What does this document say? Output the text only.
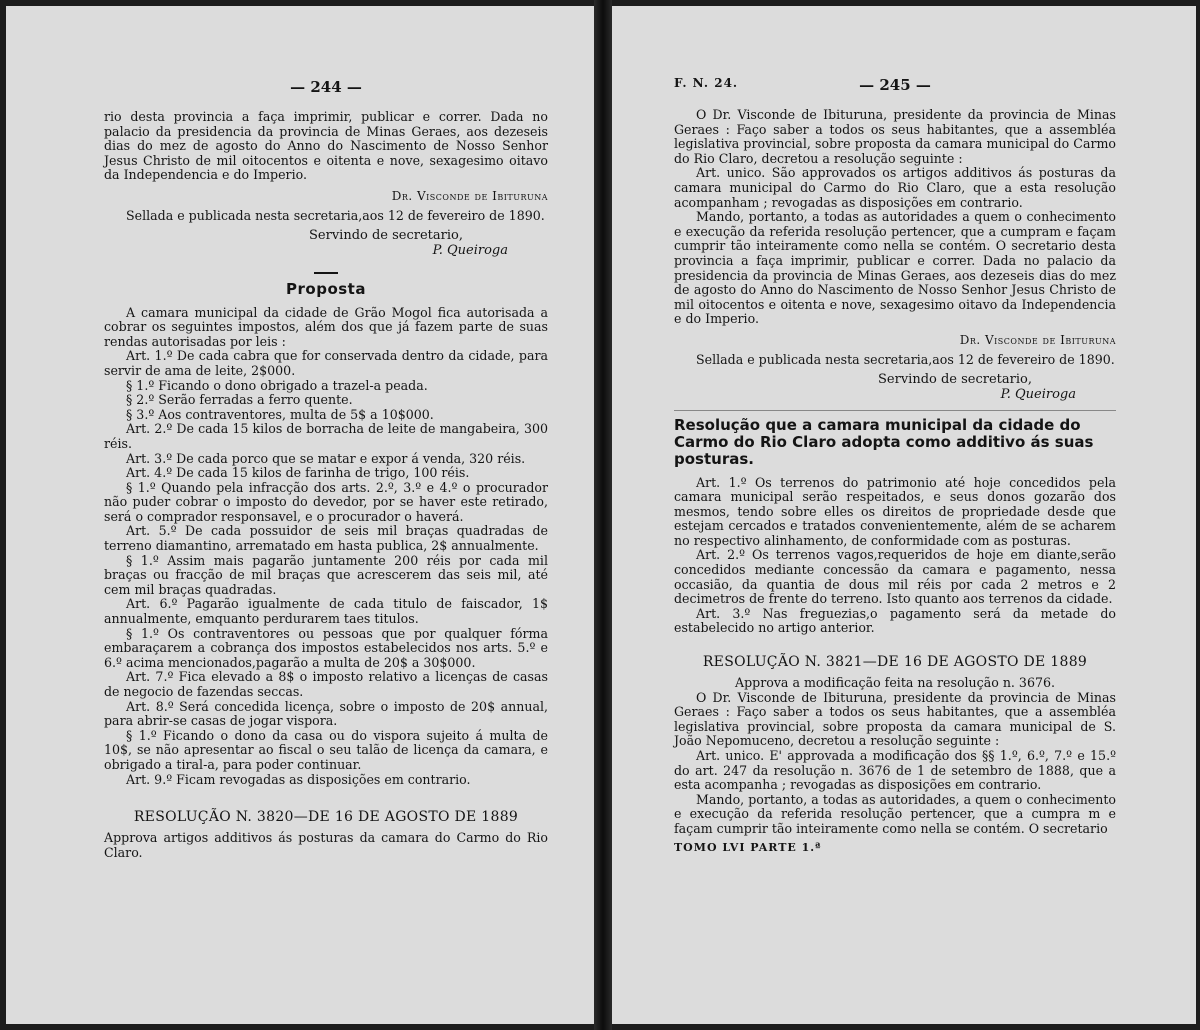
— 244 —

rio desta provincia a faça imprimir, publicar e correr. Dada no palacio da presidencia da provincia de Minas Geraes, aos dezeseis dias do mez de agosto do Anno do Nascimento de Nosso Senhor Jesus Christo de mil oitocentos e oitenta e nove, sexagesimo oitavo da Independencia e do Imperio.

Dr. Visconde de Ibituruna

Sellada e publicada nesta secretaria,aos 12 de fevereiro de 1890.

Servindo de secretario,
P. Queiroga
Proposta

A camara municipal da cidade de Grão Mogol fica autorisada a cobrar os seguintes impostos, além dos que já fazem parte de suas rendas autorisadas por leis :

Art. 1.º De cada cabra que for conservada dentro da cidade, para servir de ama de leite, 2$000.

§ 1.º Ficando o dono obrigado a trazel-a peada.

§ 2.º Serão ferradas a ferro quente.

§ 3.º Aos contraventores, multa de 5$ a 10$000.

Art. 2.º De cada 15 kilos de borracha de leite de mangabeira, 300 réis.

Art. 3.º De cada porco que se matar e expor á venda, 320 réis.

Art. 4.º De cada 15 kilos de farinha de trigo, 100 réis.

§ 1.º Quando pela infracção dos arts. 2.º, 3.º e 4.º o procurador não puder cobrar o imposto do devedor, por se haver este retirado, será o comprador responsavel, e o procurador o haverá.

Art. 5.º De cada possuidor de seis mil braças quadradas de terreno diamantino, arrematado em hasta publica, 2$ annualmente.

§ 1.º Assim mais pagarão juntamente 200 réis por cada mil braças ou fracção de mil braças que acrescerem das seis mil, até cem mil braças quadradas.

Art. 6.º Pagarão igualmente de cada titulo de faiscador, 1$ annualmente, emquanto perdurarem taes titulos.

§ 1.º Os contraventores ou pessoas que por qualquer fórma embaraçarem a cobrança dos impostos estabelecidos nos arts. 5.º e 6.º acima mencionados,pagarão a multa de 20$ a 30$000.

Art. 7.º Fica elevado a 8$ o imposto relativo a licenças de casas de negocio de fazendas seccas.

Art. 8.º Será concedida licença, sobre o imposto de 20$ annual, para abrir-se casas de jogar vispora.

§ 1.º Ficando o dono da casa ou do vispora sujeito á multa de 10$, se não apresentar ao fiscal o seu talão de licença da camara, e obrigado a tiral-a, para poder continuar.

Art. 9.º Ficam revogadas as disposições em contrario.

RESOLUÇÃO N. 3820—DE 16 DE AGOSTO DE 1889

Approva artigos additivos ás posturas da camara do Carmo do Rio Claro.

F. N. 24.	— 245 —

O Dr. Visconde de Ibituruna, presidente da provincia de Minas Geraes : Faço saber a todos os seus habitantes, que a assembléa legislativa provincial, sobre proposta da camara municipal do Carmo do Rio Claro, decretou a resolução seguinte :

Art. unico. São approvados os artigos additivos ás posturas da camara municipal do Carmo do Rio Claro, que a esta resolução acompanham ; revogadas as disposições em contrario.

Mando, portanto, a todas as autoridades a quem o conhecimento e execução da referida resolução pertencer, que a cumpram e façam cumprir tão inteiramente como nella se contém. O secretario desta provincia a faça imprimir, publicar e correr. Dada no palacio da presidencia da provincia de Minas Geraes, aos dezeseis dias do mez de agosto do Anno do Nascimento de Nosso Senhor Jesus Christo de mil oitocentos e oitenta e nove, sexagesimo oitavo da Independencia e do Imperio.

Dr. Visconde de Ibituruna

Sellada e publicada nesta secretaria,aos 12 de fevereiro de 1890.

Servindo de secretario,
P. Queiroga
Resolução que a camara municipal da cidade do Carmo do Rio Claro adopta como additivo ás suas posturas.

Art. 1.º Os terrenos do patrimonio até hoje concedidos pela camara municipal serão respeitados, e seus donos gozarão dos mesmos, tendo sobre elles os direitos de propriedade desde que estejam cercados e tratados convenientemente, além de se acharem no respectivo alinhamento, de conformidade com as posturas.

Art. 2.º Os terrenos vagos,requeridos de hoje em diante,serão concedidos mediante concessão da camara e pagamento, nessa occasião, da quantia de dous mil réis por cada 2 metros e 2 decimetros de frente do terreno. Isto quanto aos terrenos da cidade.

Art. 3.º Nas freguezias,o pagamento será da metade do estabelecido no artigo anterior.

RESOLUÇÃO N. 3821—DE 16 DE AGOSTO DE 1889

Approva a modificação feita na resolução n. 3676.

O Dr. Visconde de Ibituruna, presidente da provincia de Minas Geraes : Faço saber a todos os seus habitantes, que a assembléa legislativa provincial, sobre proposta da camara municipal de S. João Nepomuceno, decretou a resolução seguinte :

Art. unico. E' approvada a modificação dos §§ 1.º, 6.º, 7.º e 15.º do art. 247 da resolução n. 3676 de 1 de setembro de 1888, que a esta acompanha ; revogadas as disposições em contrario.

Mando, portanto, a todas as autoridades, a quem o conhecimento e execução da referida resolução pertencer, que a cumpra m e façam cumprir tão inteiramente como nella se contém. O secretario

TOMO LVI PARTE 1.ª
